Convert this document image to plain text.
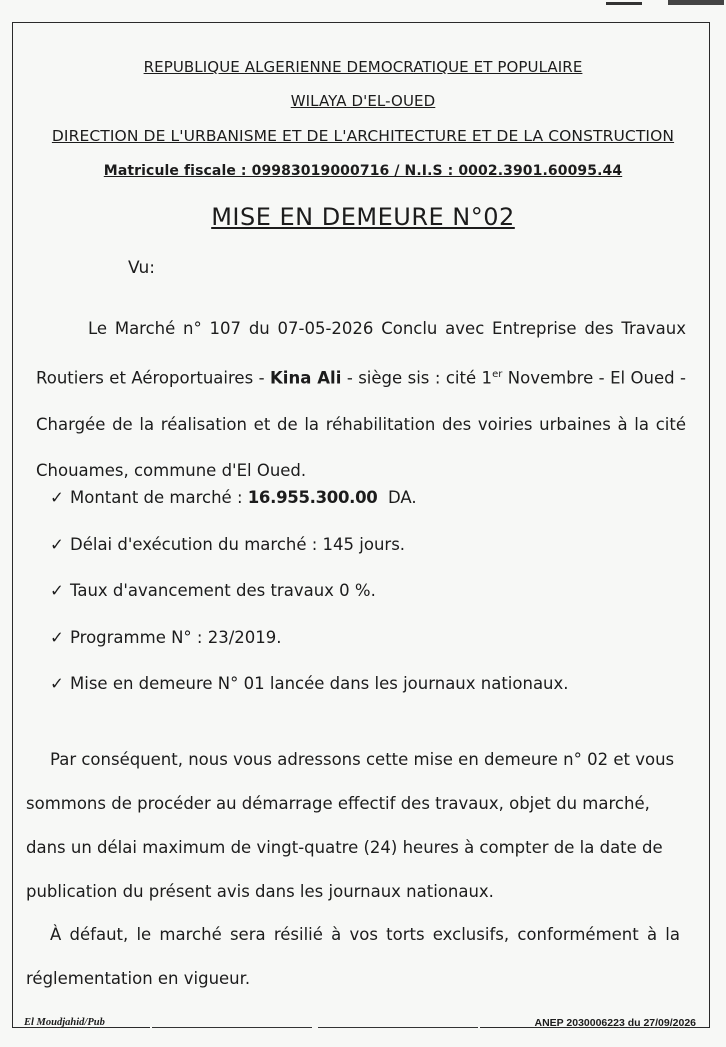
REPUBLIQUE ALGERIENNE DEMOCRATIQUE ET POPULAIRE
WILAYA D'EL-OUED
DIRECTION DE L'URBANISME ET DE L'ARCHITECTURE ET DE LA CONSTRUCTION
Matricule fiscale : 09983019000716 / N.I.S : 0002.3901.60095.44
MISE EN DEMEURE N°02
Vu:
Le Marché n° 107 du 07-05-2026 Conclu avec Entreprise des Travaux Routiers et Aéroportuaires - Kina Ali - siège sis : cité 1er Novembre - El Oued - Chargée de la réalisation et de la réhabilitation des voiries urbaines à la cité Chouames, commune d'El Oued.
✓ Montant de marché : 16.955.300.00 DA.
✓ Délai d'exécution du marché : 145 jours.
✓ Taux d'avancement des travaux 0 %.
✓ Programme N° : 23/2019.
✓ Mise en demeure N° 01 lancée dans les journaux nationaux.
Par conséquent, nous vous adressons cette mise en demeure n° 02 et vous sommons de procéder au démarrage effectif des travaux, objet du marché, dans un délai maximum de vingt-quatre (24) heures à compter de la date de publication du présent avis dans les journaux nationaux.
À défaut, le marché sera résilié à vos torts exclusifs, conformément à la réglementation en vigueur.
El Moudjahid/Pub	ANEP 2030006223 du 27/09/2026
